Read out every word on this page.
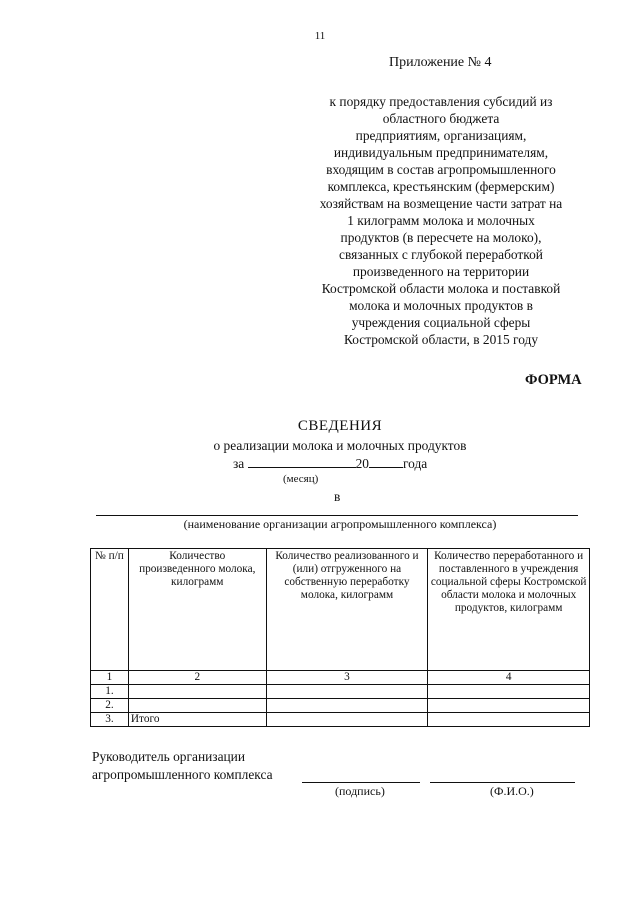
11
Приложение № 4
к порядку предоставления субсидий из
областного бюджета
предприятиям, организациям,
индивидуальным предпринимателям,
входящим в состав агропромышленного
комплекса, крестьянским (фермерским)
хозяйствам на возмещение части затрат на
1 килограмм молока и молочных
продуктов (в пересчете на молоко),
связанных с глубокой переработкой
произведенного на территории
Костромской области молока и поставкой
молока и молочных продуктов в
учреждения социальной сферы
Костромской области, в 2015 году
ФОРМА
СВЕДЕНИЯ
о реализации молока и молочных продуктов
за	20	года
(месяц)
в
(наименование организации агропромышленного комплекса)
№ п/п	Количество произведенного молока, килограмм	Количество реализованного и (или) отгруженного на собственную переработку молока, килограмм	Количество переработанного и поставленного в учреждения социальной сферы Костромской области молока и молочных продуктов, килограмм
1	2	3	4
1.			
2.			
3.	Итого		
Руководитель организации
агропромышленного комплекса
(подпись)	(Ф.И.О.)
